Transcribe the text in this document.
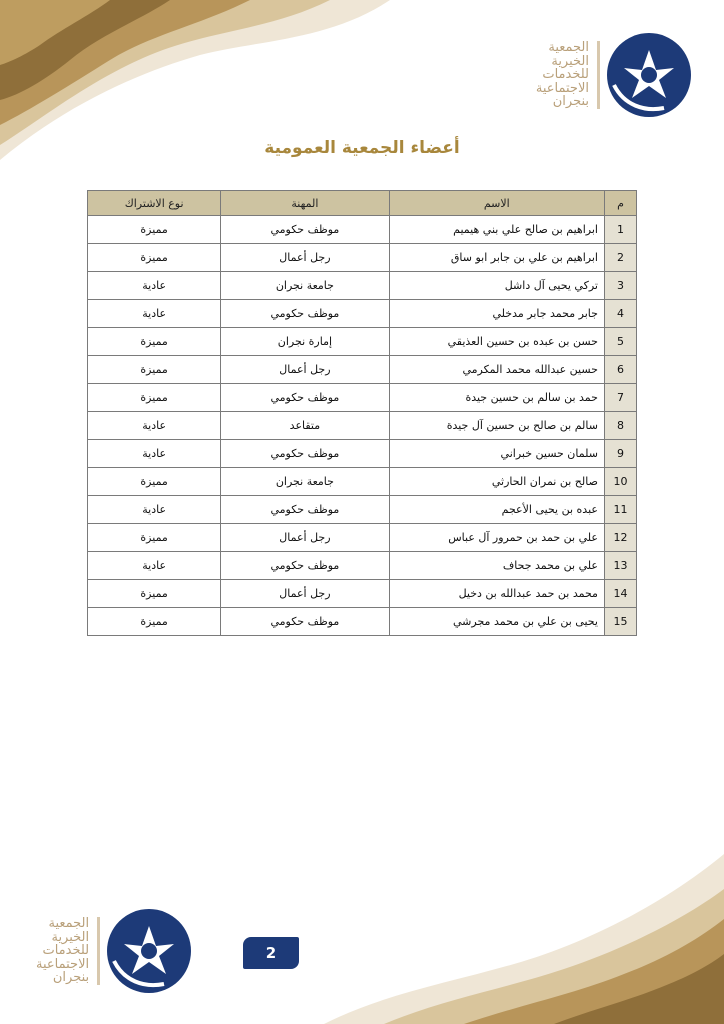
الجمعية
الخيرية
للخدمات
الاجتماعية
بنجران
أعضاء الجمعية العمومية
م	الاسم	المهنة	نوع الاشتراك
1	ابراهيم بن صالح علي بني هيميم	موظف حكومي	مميزة
2	ابراهيم بن علي بن جابر ابو ساق	رجل أعمال	مميزة
3	تركي يحيى آل داشل	جامعة نجران	عادية
4	جابر محمد جابر مدخلي	موظف حكومي	عادية
5	حسن بن عبده بن حسين العذيقي	إمارة نجران	مميزة
6	حسين عبدالله محمد المكرمي	رجل أعمال	مميزة
7	حمد بن سالم بن حسين جيدة	موظف حكومي	مميزة
8	سالم بن صالح بن حسين آل جيدة	متقاعد	عادية
9	سلمان حسين خبراني	موظف حكومي	عادية
10	صالح بن نمران الحارثي	جامعة نجران	مميزة
11	عبده بن يحيى الأعجم	موظف حكومي	عادية
12	علي بن حمد بن حمرور آل عباس	رجل أعمال	مميزة
13	علي بن محمد جحاف	موظف حكومي	عادية
14	محمد بن حمد عبدالله بن دخيل	رجل أعمال	مميزة
15	يحيى بن علي بن محمد مجرشي	موظف حكومي	مميزة
الجمعية
الخيرية
للخدمات
الاجتماعية
بنجران
2
